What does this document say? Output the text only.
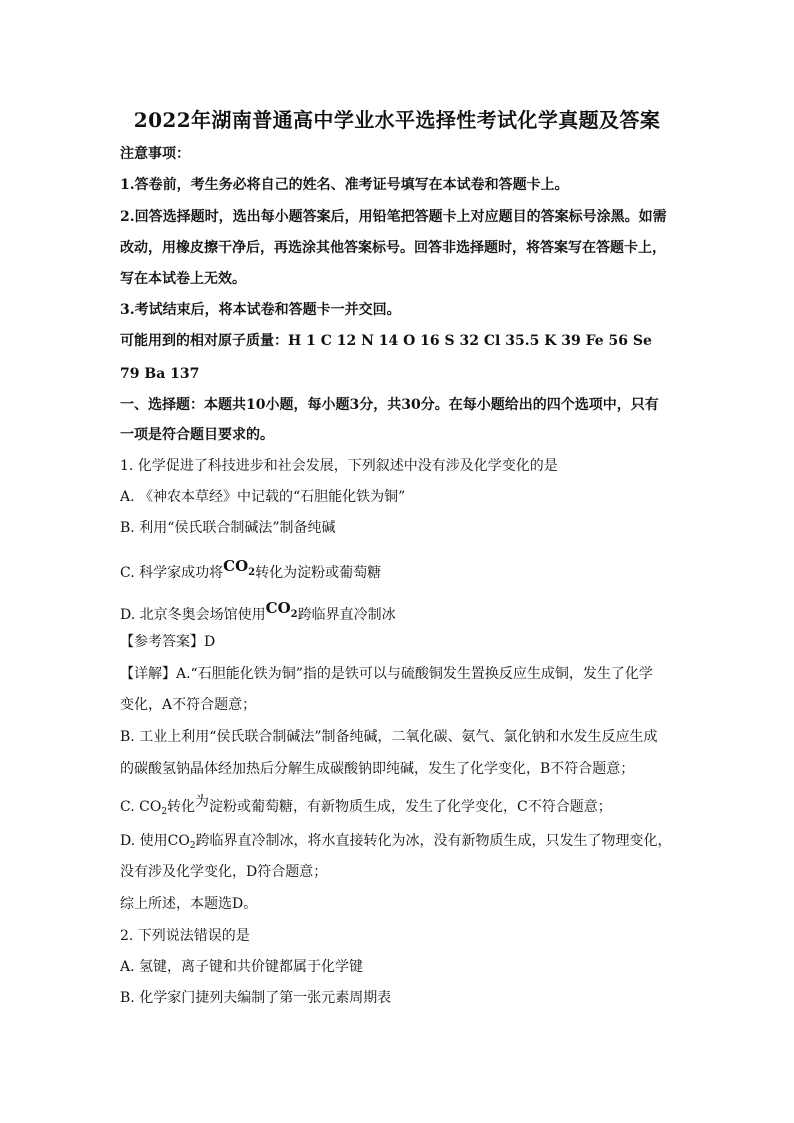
2022年湖南普通高中学业水平选择性考试化学真题及答案
注意事项：
1.答卷前，考生务必将自己的姓名、准考证号填写在本试卷和答题卡上。
2.回答选择题时，选出每小题答案后，用铅笔把答题卡上对应题目的答案标号涂黑。如需
改动，用橡皮擦干净后，再选涂其他答案标号。回答非选择题时，将答案写在答题卡上，
写在本试卷上无效。
3.考试结束后，将本试卷和答题卡一并交回。
可能用到的相对原子质量：H 1 C 12 N 14 O 16 S 32 Cl 35.5 K 39 Fe 56 Se
79 Ba 137
一、选择题：本题共10小题，每小题3分，共30分。在每小题给出的四个选项中，只有
一项是符合题目要求的。
1. 化学促进了科技进步和社会发展，下列叙述中没有涉及化学变化的是
A. 《神农本草经》中记载的“石胆能化铁为铜”
B. 利用“侯氏联合制碱法”制备纯碱
C. 科学家成功将$CO_2$转化为淀粉或葡萄糖
D. 北京冬奥会场馆使用$CO_2$跨临界直冷制冰
【参考答案】D
【详解】A.“石胆能化铁为铜”指的是铁可以与硫酸铜发生置换反应生成铜，发生了化学
变化，A不符合题意；
B. 工业上利用“侯氏联合制碱法”制备纯碱，二氧化碳、氨气、氯化钠和水发生反应生成
的碳酸氢钠晶体经加热后分解生成碳酸钠即纯碱，发生了化学变化，B不符合题意；
C. $CO_2$转化为淀粉或葡萄糖，有新物质生成，发生了化学变化，C不符合题意；
D. 使用$CO_2$跨临界直冷制冰，将水直接转化为冰，没有新物质生成，只发生了物理变化，
没有涉及化学变化，D符合题意；
综上所述，本题选D。
2. 下列说法错误的是
A. 氢键，离子键和共价键都属于化学键
B. 化学家门捷列夫编制了第一张元素周期表
